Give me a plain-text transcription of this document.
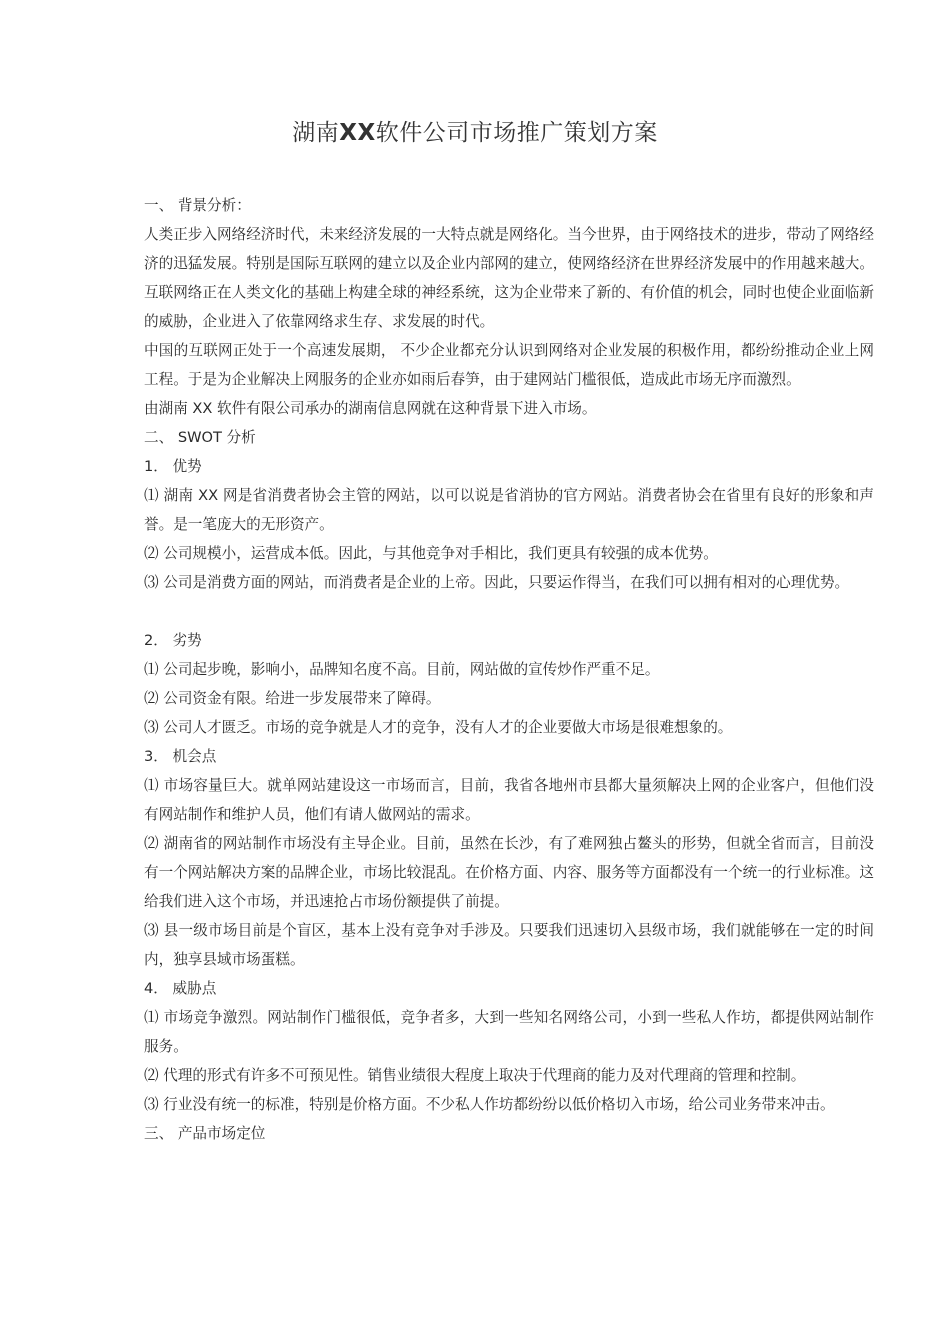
湖南XX软件公司市场推广策划方案

一、 背景分析：

人类正步入网络经济时代，未来经济发展的一大特点就是网络化。当今世界，由于网络技术的进步，带动了网络经济的迅猛发展。特别是国际互联网的建立以及企业内部网的建立，使网络经济在世界经济发展中的作用越来越大。互联网络正在人类文化的基础上构建全球的神经系统，这为企业带来了新的、有价值的机会，同时也使企业面临新的威胁，企业进入了依靠网络求生存、求发展的时代。

中国的互联网正处于一个高速发展期， 不少企业都充分认识到网络对企业发展的积极作用，都纷纷推动企业上网工程。于是为企业解决上网服务的企业亦如雨后春笋，由于建网站门槛很低，造成此市场无序而激烈。

由湖南 XX 软件有限公司承办的湖南信息网就在这种背景下进入市场。

二、 SWOT 分析

1． 优势

⑴ 湖南 XX 网是省消费者协会主管的网站，以可以说是省消协的官方网站。消费者协会在省里有良好的形象和声誉。是一笔庞大的无形资产。

⑵ 公司规模小，运营成本低。因此，与其他竞争对手相比，我们更具有较强的成本优势。

⑶ 公司是消费方面的网站，而消费者是企业的上帝。因此，只要运作得当，在我们可以拥有相对的心理优势。

2． 劣势

⑴ 公司起步晚，影响小，品牌知名度不高。目前，网站做的宣传炒作严重不足。

⑵ 公司资金有限。给进一步发展带来了障碍。

⑶ 公司人才匮乏。市场的竞争就是人才的竞争，没有人才的企业要做大市场是很难想象的。

3． 机会点

⑴ 市场容量巨大。就单网站建设这一市场而言，目前，我省各地州市县都大量须解决上网的企业客户，但他们没有网站制作和维护人员，他们有请人做网站的需求。

⑵ 湖南省的网站制作市场没有主导企业。目前，虽然在长沙，有了难网独占鳌头的形势，但就全省而言，目前没有一个网站解决方案的品牌企业，市场比较混乱。在价格方面、内容、服务等方面都没有一个统一的行业标准。这给我们进入这个市场，并迅速抢占市场份额提供了前提。

⑶ 县一级市场目前是个盲区，基本上没有竞争对手涉及。只要我们迅速切入县级市场，我们就能够在一定的时间内，独享县域市场蛋糕。

4． 威胁点

⑴ 市场竞争激烈。网站制作门槛很低，竞争者多，大到一些知名网络公司，小到一些私人作坊，都提供网站制作服务。

⑵ 代理的形式有许多不可预见性。销售业绩很大程度上取决于代理商的能力及对代理商的管理和控制。

⑶ 行业没有统一的标准，特别是价格方面。不少私人作坊都纷纷以低价格切入市场，给公司业务带来冲击。

三、 产品市场定位
